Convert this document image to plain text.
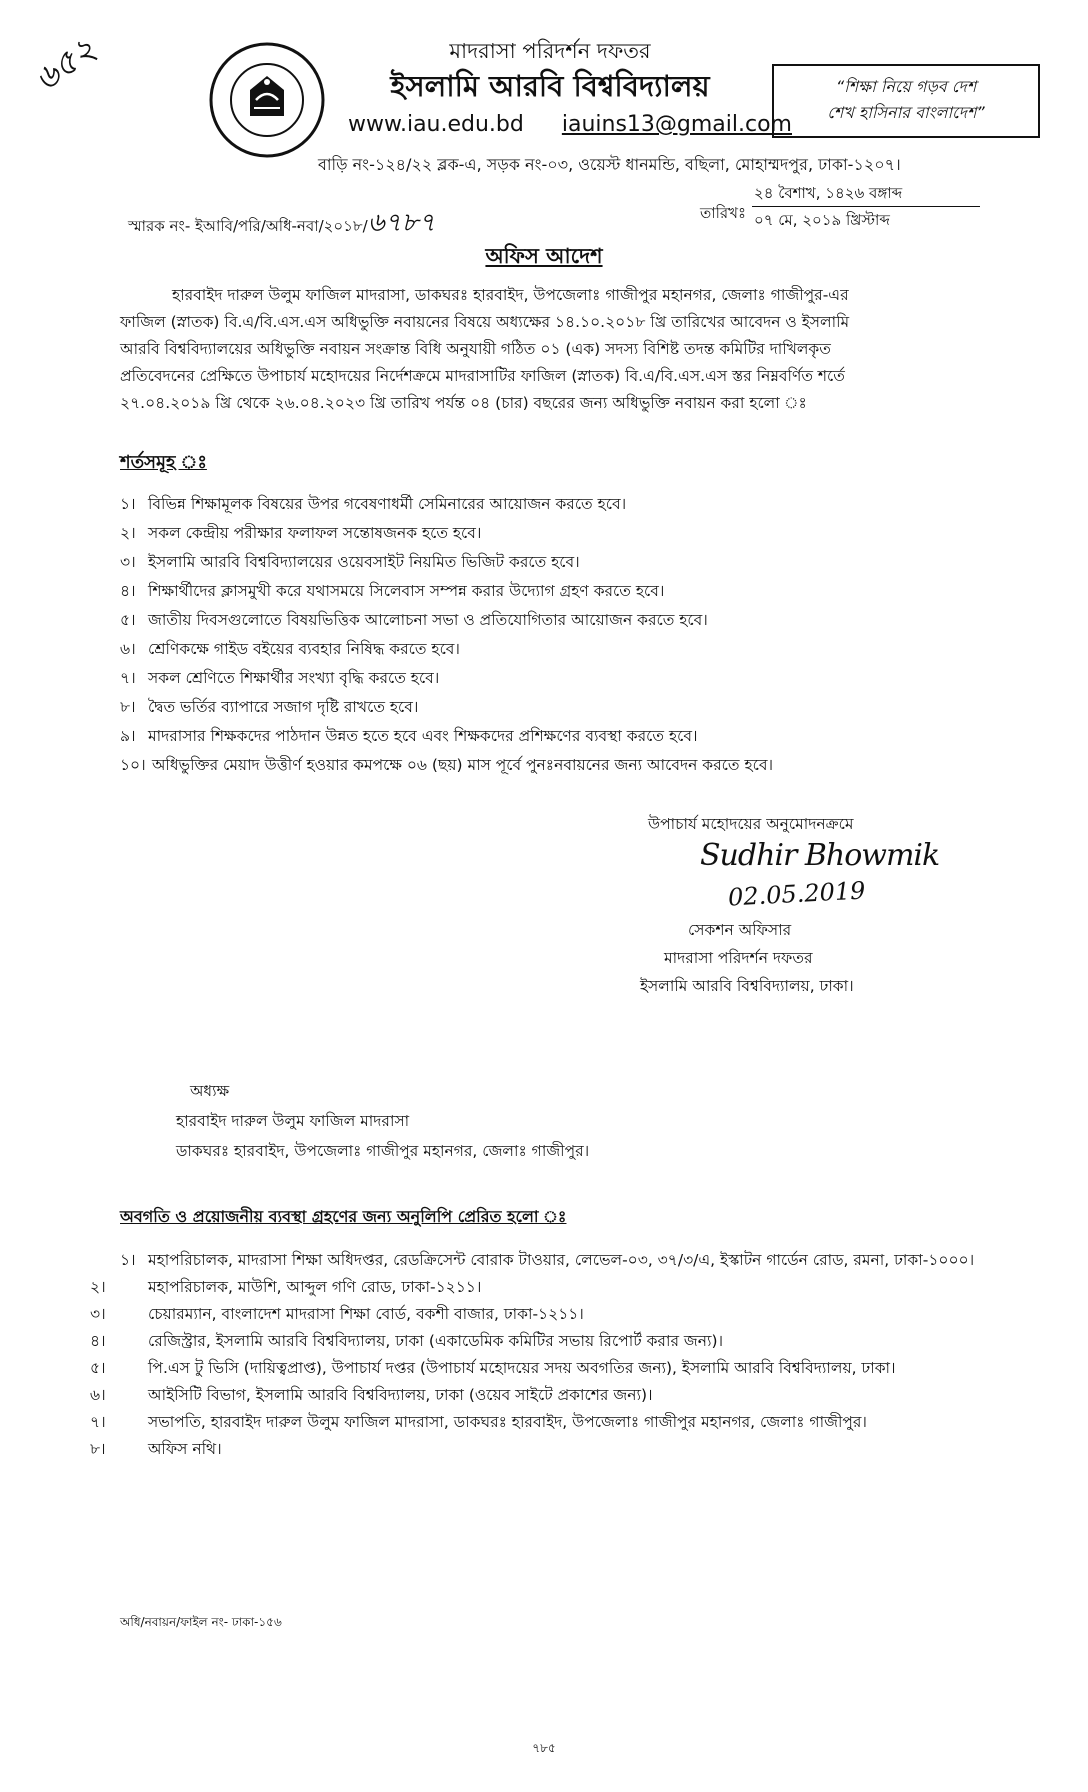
৬৫২	মাদরাসা পরিদর্শন দফতর
ইসলামি আরবি বিশ্ববিদ্যালয়
www.iau.edu.bd iauins13@gmail.com
বাড়ি নং-১২৪/২২ ব্লক-এ, সড়ক নং-০৩, ওয়েস্ট ধানমন্ডি, বছিলা, মোহাম্মদপুর, ঢাকা-১২০৭।
“শিক্ষা নিয়ে গড়ব দেশ
শেখ হাসিনার বাংলাদেশ”
স্মারক নং- ইআবি/পরি/অধি-নবা/২০১৮/৬৭৮৭	তারিখঃ
২৪ বৈশাখ, ১৪২৬ বঙ্গাব্দ
০৭ মে, ২০১৯ খ্রিস্টাব্দ
অফিস আদেশ
হারবাইদ দারুল উলুম ফাজিল মাদরাসা, ডাকঘরঃ হারবাইদ, উপজেলাঃ গাজীপুর মহানগর, জেলাঃ গাজীপুর-এর
ফাজিল (স্নাতক) বি.এ/বি.এস.এস অধিভুক্তি নবায়নের বিষয়ে অধ্যক্ষের ১৪.১০.২০১৮ খ্রি তারিখের আবেদন ও ইসলামি
আরবি বিশ্ববিদ্যালয়ের অধিভুক্তি নবায়ন সংক্রান্ত বিধি অনুযায়ী গঠিত ০১ (এক) সদস্য বিশিষ্ট তদন্ত কমিটির দাখিলকৃত
প্রতিবেদনের প্রেক্ষিতে উপাচার্য মহোদয়ের নির্দেশক্রমে মাদরাসাটির ফাজিল (স্নাতক) বি.এ/বি.এস.এস স্তর নিম্নবর্ণিত শর্তে
২৭.০৪.২০১৯ খ্রি থেকে ২৬.০৪.২০২৩ খ্রি তারিখ পর্যন্ত ০৪ (চার) বছরের জন্য অধিভুক্তি নবায়ন করা হলো ঃ
শর্তসমূহ ঃ
১। বিভিন্ন শিক্ষামূলক বিষয়ের উপর গবেষণাধর্মী সেমিনারের আয়োজন করতে হবে।
২। সকল কেন্দ্রীয় পরীক্ষার ফলাফল সন্তোষজনক হতে হবে।
৩। ইসলামি আরবি বিশ্ববিদ্যালয়ের ওয়েবসাইট নিয়মিত ভিজিট করতে হবে।
৪। শিক্ষার্থীদের ক্লাসমুখী করে যথাসময়ে সিলেবাস সম্পন্ন করার উদ্যোগ গ্রহণ করতে হবে।
৫। জাতীয় দিবসগুলোতে বিষয়ভিত্তিক আলোচনা সভা ও প্রতিযোগিতার আয়োজন করতে হবে।
৬। শ্রেণিকক্ষে গাইড বইয়ের ব্যবহার নিষিদ্ধ করতে হবে।
৭। সকল শ্রেণিতে শিক্ষার্থীর সংখ্যা বৃদ্ধি করতে হবে।
৮। দ্বৈত ভর্তির ব্যাপারে সজাগ দৃষ্টি রাখতে হবে।
৯। মাদরাসার শিক্ষকদের পাঠদান উন্নত হতে হবে এবং শিক্ষকদের প্রশিক্ষণের ব্যবস্থা করতে হবে।
১০। অধিভুক্তির মেয়াদ উত্তীর্ণ হওয়ার কমপক্ষে ০৬ (ছয়) মাস পূর্বে পুনঃনবায়নের জন্য আবেদন করতে হবে।
উপাচার্য মহোদয়ের অনুমোদনক্রমে
Sudhir Bhowmik
02.05.2019
সেকশন অফিসার
মাদরাসা পরিদর্শন দফতর
ইসলামি আরবি বিশ্ববিদ্যালয়, ঢাকা।
অধ্যক্ষ
হারবাইদ দারুল উলুম ফাজিল মাদরাসা
ডাকঘরঃ হারবাইদ, উপজেলাঃ গাজীপুর মহানগর, জেলাঃ গাজীপুর।
অবগতি ও প্রয়োজনীয় ব্যবস্থা গ্রহণের জন্য অনুলিপি প্রেরিত হলো ঃ
১। মহাপরিচালক, মাদরাসা শিক্ষা অধিদপ্তর, রেডক্রিসেন্ট বোরাক টাওয়ার, লেভেল-০৩, ৩৭/৩/এ, ইস্কাটন গার্ডেন রোড, রমনা, ঢাকা-১০০০।
২।	মহাপরিচালক, মাউশি, আব্দুল গণি রোড, ঢাকা-১২১১।
৩।	চেয়ারম্যান, বাংলাদেশ মাদরাসা শিক্ষা বোর্ড, বকশী বাজার, ঢাকা-১২১১।
৪।	রেজিস্ট্রার, ইসলামি আরবি বিশ্ববিদ্যালয়, ঢাকা (একাডেমিক কমিটির সভায় রিপোর্ট করার জন্য)।
৫।	পি.এস টু ভিসি (দায়িত্বপ্রাপ্ত), উপাচার্য দপ্তর (উপাচার্য মহোদয়ের সদয় অবগতির জন্য), ইসলামি আরবি বিশ্ববিদ্যালয়, ঢাকা।
৬।	আইসিটি বিভাগ, ইসলামি আরবি বিশ্ববিদ্যালয়, ঢাকা (ওয়েব সাইটে প্রকাশের জন্য)।
৭।	সভাপতি, হারবাইদ দারুল উলুম ফাজিল মাদরাসা, ডাকঘরঃ হারবাইদ, উপজেলাঃ গাজীপুর মহানগর, জেলাঃ গাজীপুর।
৮।	অফিস নথি।
অধি/নবায়ন/ফাইল নং- ঢাকা-১৫৬
৭৮৫
